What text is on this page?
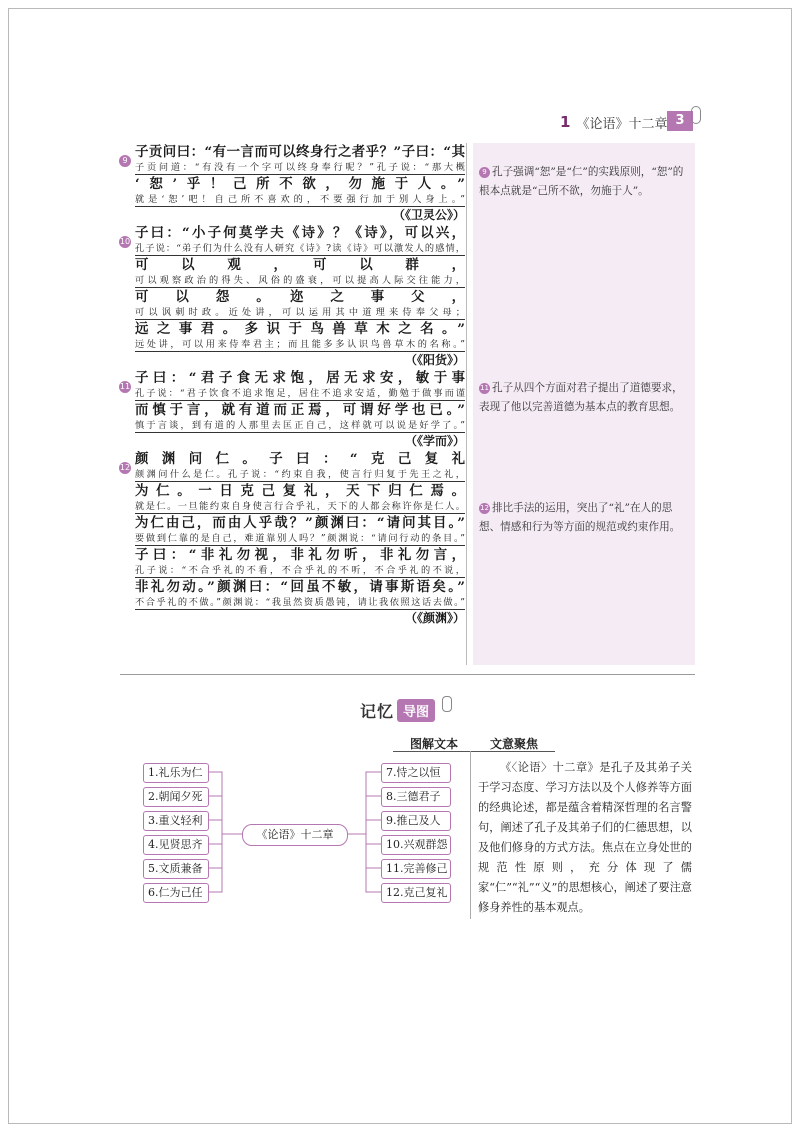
1 《论语》十二章 3
9
子贡问曰：“有一言而可以终身行之者乎？”子曰：“其
子贡问道：“有没有一个字可以终身奉行呢？”孔子说：“那大概
‘恕’乎！己所不欲，勿施于人。”
就是‘恕’吧！自己所不喜欢的，不要强行加于别人身上。”
（《卫灵公》）
10
子曰：“小子何莫学夫《诗》？《诗》，可以兴，
孔子说：“弟子们为什么没有人研究《诗》?读《诗》可以激发人的感情，
可　以　观　，　可　以　群　，
可以观察政治的得失、风俗的盛衰，可以提高人际交往能力，
可　以　怨　。　迩　之　事　父　，
可以讽刺时政。近处讲，可以运用其中道理来侍奉父母；
远之事君。多识于鸟兽草木之名。”
远处讲，可以用来侍奉君主；而且能多多认识鸟兽草木的名称。”
（《阳货》）
11
子曰：“君子食无求饱，居无求安，敏于事
孔子说：“君子饮食不追求饱足，居住不追求安适，勤勉于做事而谨
而慎于言，就有道而正焉，可谓好学也已。”
慎于言谈，到有道的人那里去匡正自己，这样就可以说是好学了。”
（《学而》）
12
颜渊问仁。子曰：“克己复礼
颜渊问什么是仁。孔子说：“约束自我，使言行归复于先王之礼，
为仁。一日克己复礼，天下归仁焉。
就是仁。一旦能约束自身使言行合乎礼，天下的人都会称许你是仁人。
为仁由己，而由人乎哉？”颜渊曰：“请问其目。”
要做到仁靠的是自己，难道靠别人吗？”颜渊说：“请问行动的条目。”
子曰：“非礼勿视，非礼勿听，非礼勿言，
孔子说：“不合乎礼的不看，不合乎礼的不听，不合乎礼的不说，
非礼勿动。”颜渊曰：“回虽不敏，请事斯语矣。”
不合乎礼的不做。”颜渊说：“我虽然资质愚钝，请让我依照这话去做。”
（《颜渊》）
9 孔子强调“恕”是“仁”的实践原则，“恕”的根本点就是“己所不欲，勿施于人”。
11 孔子从四个方面对君子提出了道德要求，表现了他以完善道德为基本点的教育思想。
12 排比手法的运用，突出了“礼”在人的思想、情感和行为等方面的规范或约束作用。
记忆 导图
图解文本	文意聚焦
《论语》十二章
1.礼乐为仁
2.朝闻夕死
3.重义轻利
4.见贤思齐
5.文质兼备
6.仁为己任
7.恃之以恒
8.三德君子
9.推己及人
10.兴观群怨
11.完善修己
12.克己复礼
《〈论语〉十二章》是孔子及其弟子关于学习态度、学习方法以及个人修养等方面的经典论述，都是蕴含着精深哲理的名言警句，阐述了孔子及其弟子们的仁德思想，以及他们修身的方式方法。焦点在立身处世的规范性原则，充分体现了儒家“仁”“礼”“义”的思想核心，阐述了要注意修身养性的基本观点。
